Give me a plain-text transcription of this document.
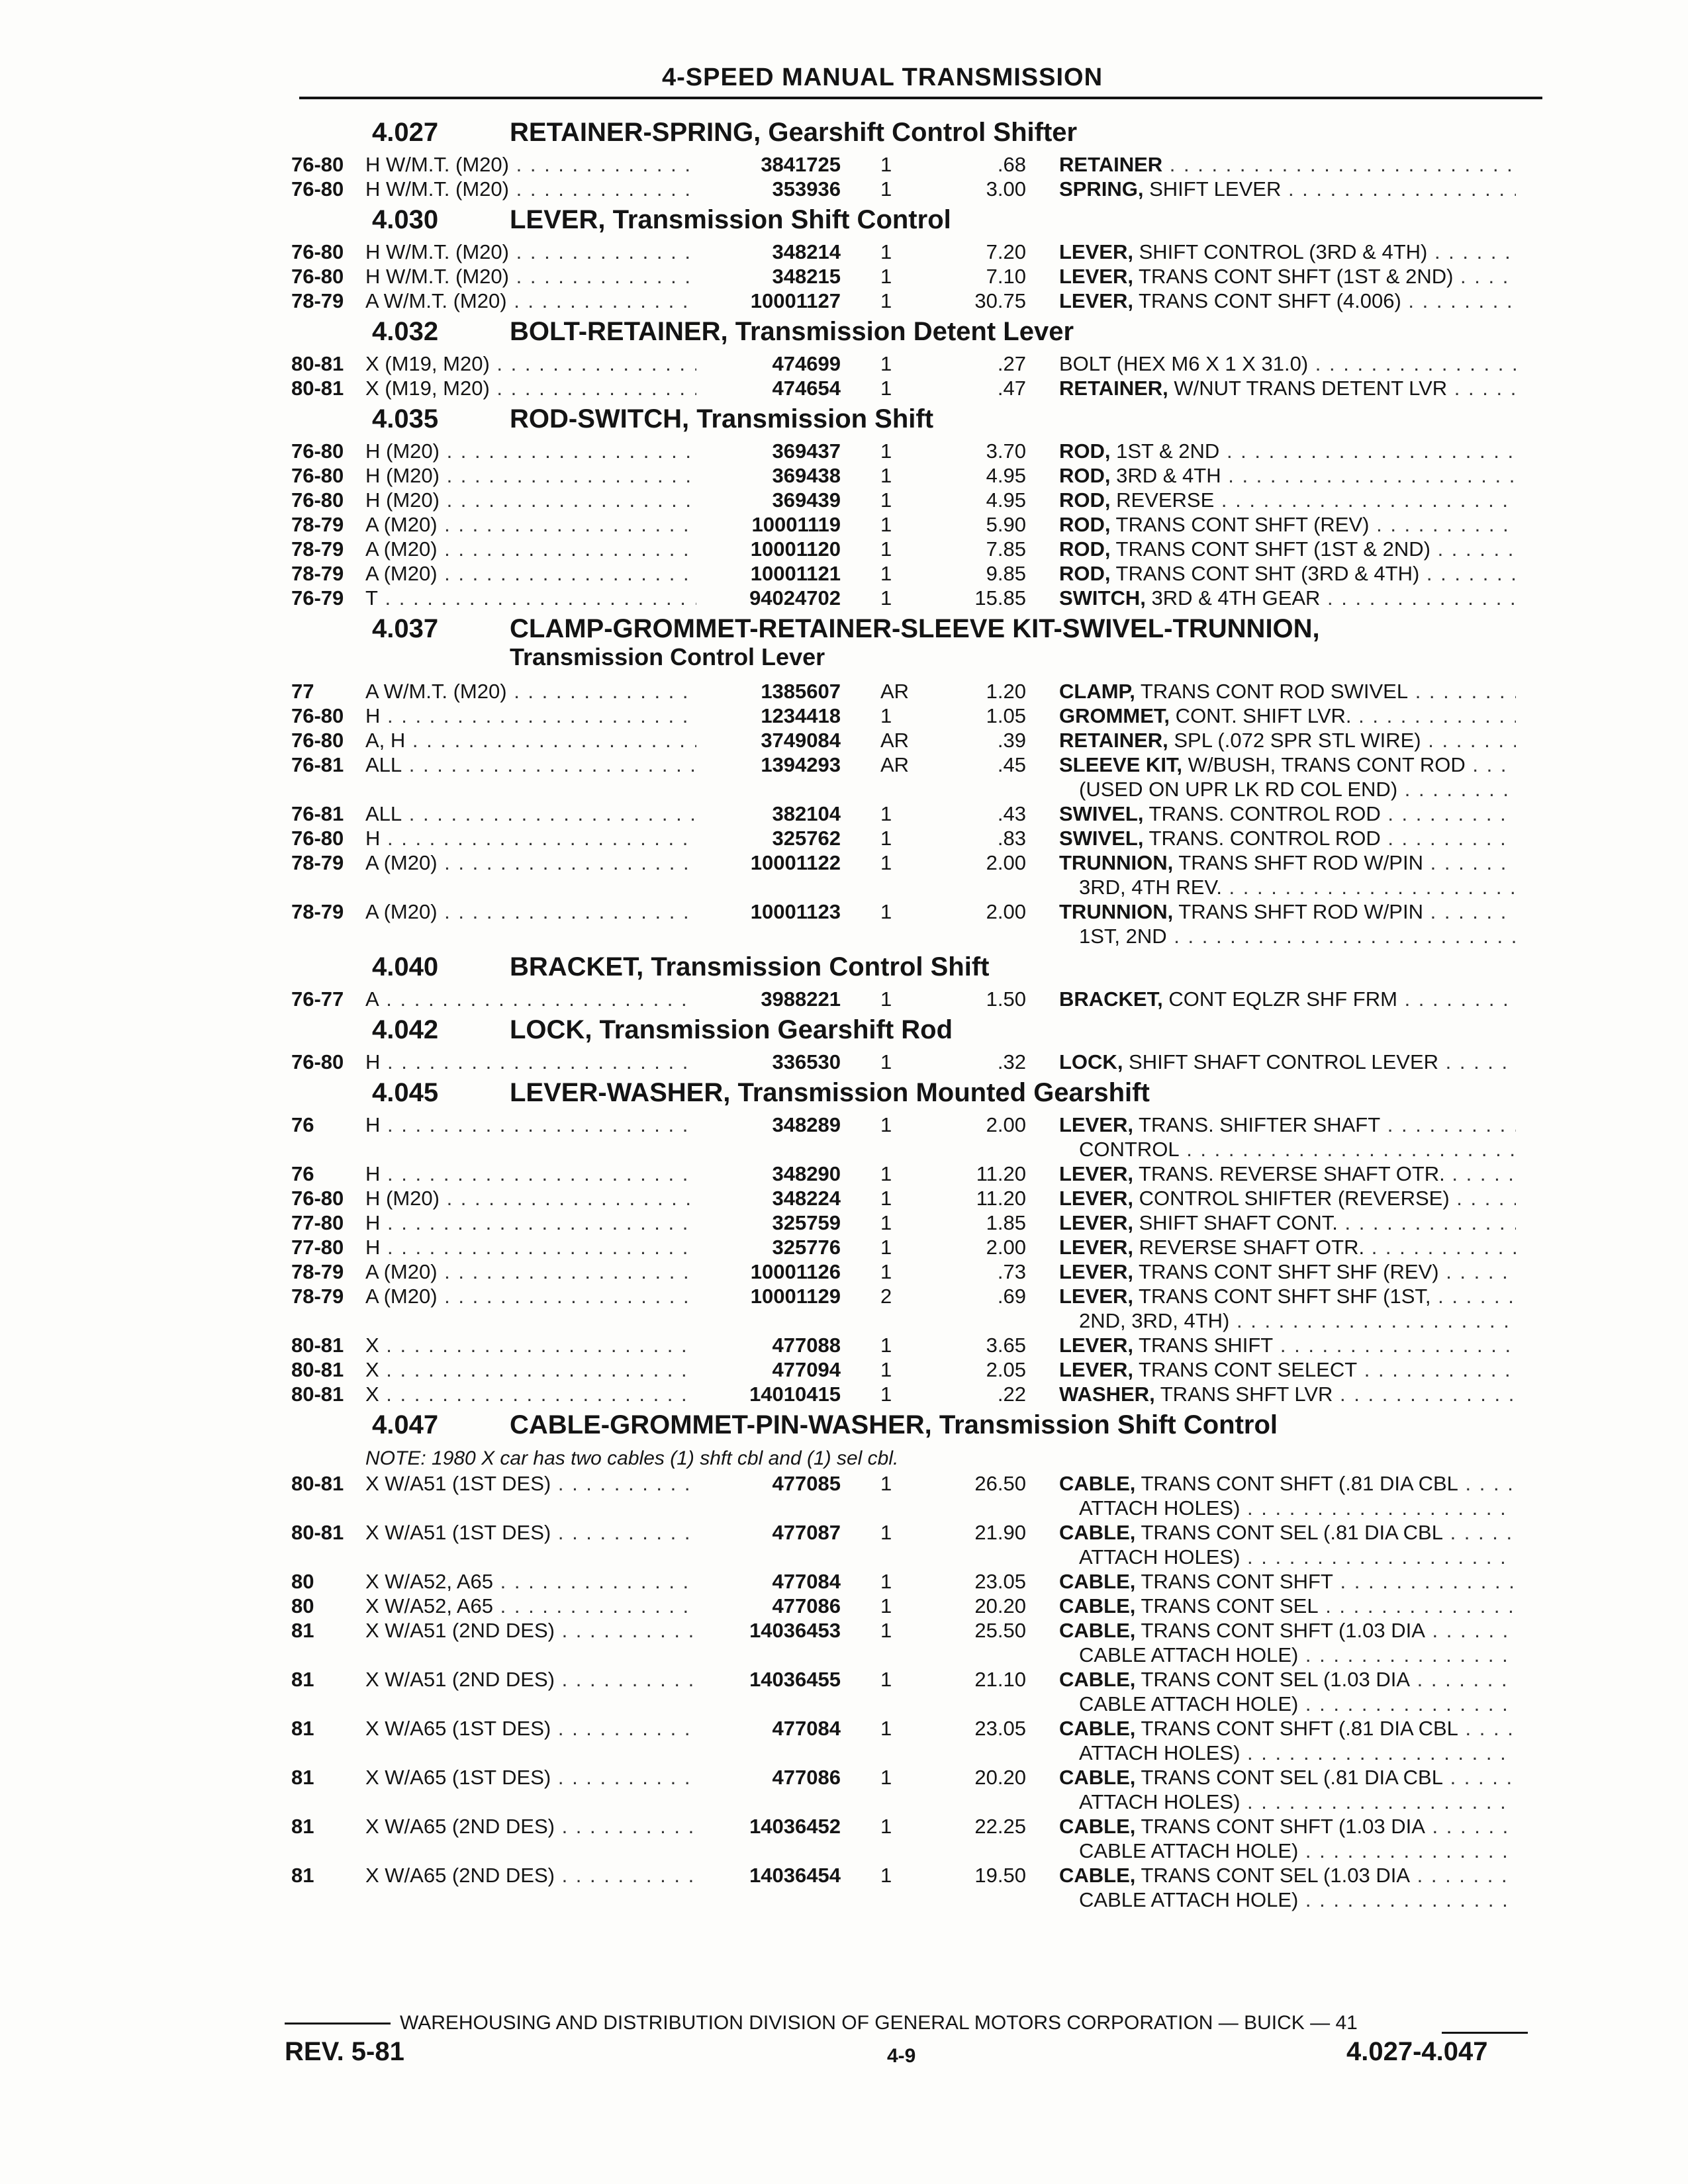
4-SPEED MANUAL TRANSMISSION
4.027	RETAINER-SPRING, Gearshift Control Shifter
76-80 H W/M.T. (M20) . . .	3841725 1	.68 RETAINER . . .
76-80 H W/M.T. (M20) . . .	353936 1	3.00 SPRING, SHIFT LEVER . . .
4.030	LEVER, Transmission Shift Control
76-80 H W/M.T. (M20) . . .	348214 1	7.20 LEVER, SHIFT CONTROL (3RD & 4TH) . . .
76-80 H W/M.T. (M20) . . .	348215 1	7.10 LEVER, TRANS CONT SHFT (1ST & 2ND) . . .
78-79 A W/M.T. (M20) . . .	10001127 1	30.75 LEVER, TRANS CONT SHFT (4.006) . . .
4.032	BOLT-RETAINER, Transmission Detent Lever
80-81 X (M19, M20) . . .	474699 1	.27 BOLT (HEX M6 X 1 X 31.0) . . .
80-81 X (M19, M20) . . .	474654 1	.47 RETAINER, W/NUT TRANS DETENT LVR . . .
4.035	ROD-SWITCH, Transmission Shift
76-80 H (M20) . . .	369437 1	3.70 ROD, 1ST & 2ND . . .
76-80 H (M20) . . .	369438 1	4.95 ROD, 3RD & 4TH . . .
76-80 H (M20) . . .	369439 1	4.95 ROD, REVERSE . . .
78-79 A (M20) . . .	10001119 1	5.90 ROD, TRANS CONT SHFT (REV) . . .
78-79 A (M20) . . .	10001120 1	7.85 ROD, TRANS CONT SHFT (1ST & 2ND) . . .
78-79 A (M20) . . .	10001121 1	9.85 ROD, TRANS CONT SHT (3RD & 4TH) . . .
76-79 T . . .	94024702 1	15.85 SWITCH, 3RD & 4TH GEAR . . .
4.037	CLAMP-GROMMET-RETAINER-SLEEVE KIT-SWIVEL-TRUNNION,
Transmission Control Lever
77	A W/M.T. (M20) . . .	1385607 AR	1.20 CLAMP, TRANS CONT ROD SWIVEL . . .
76-80 H . . .	1234418 1	1.05 GROMMET, CONT. SHIFT LVR. . . .
76-80 A, H . . .	3749084 AR	.39 RETAINER, SPL (.072 SPR STL WIRE) . . .
76-81 ALL . . .	1394293 AR	.45 SLEEVE KIT, W/BUSH, TRANS CONT ROD . . .
(USED ON UPR LK RD COL END) . . .
76-81 ALL . . .	382104 1	.43 SWIVEL, TRANS. CONTROL ROD . . .
76-80 H . . .	325762 1	.83 SWIVEL, TRANS. CONTROL ROD . . .
78-79 A (M20) . . .	10001122 1	2.00 TRUNNION, TRANS SHFT ROD W/PIN . . .
3RD, 4TH REV. . . .
78-79 A (M20) . . .	10001123 1	2.00 TRUNNION, TRANS SHFT ROD W/PIN . . .
1ST, 2ND . . .
4.040	BRACKET, Transmission Control Shift
76-77 A . . .	3988221 1	1.50 BRACKET, CONT EQLZR SHF FRM . . .
4.042	LOCK, Transmission Gearshift Rod
76-80 H . . .	336530 1	.32 LOCK, SHIFT SHAFT CONTROL LEVER . . .
4.045	LEVER-WASHER, Transmission Mounted Gearshift
76	H . . .	348289 1	2.00 LEVER, TRANS. SHIFTER SHAFT . . .
CONTROL . . .
76	H . . .	348290 1	11.20 LEVER, TRANS. REVERSE SHAFT OTR. . . .
76-80 H (M20) . . .	348224 1	11.20 LEVER, CONTROL SHIFTER (REVERSE) . . .
77-80 H . . .	325759 1	1.85 LEVER, SHIFT SHAFT CONT. . . .
77-80 H . . .	325776 1	2.00 LEVER, REVERSE SHAFT OTR. . . .
78-79 A (M20) . . .	10001126 1	.73 LEVER, TRANS CONT SHFT SHF (REV) . . .
78-79 A (M20) . . .	10001129 2	.69 LEVER, TRANS CONT SHFT SHF (1ST, . . .
2ND, 3RD, 4TH) . . .
80-81 X . . .	477088 1	3.65 LEVER, TRANS SHIFT . . .
80-81 X . . .	477094 1	2.05 LEVER, TRANS CONT SELECT . . .
80-81 X . . .	14010415 1	.22 WASHER, TRANS SHFT LVR . . .
4.047	CABLE-GROMMET-PIN-WASHER, Transmission Shift Control
NOTE: 1980 X car has two cables (1) shft cbl and (1) sel cbl.
80-81 X W/A51 (1ST DES) . . .	477085 1	26.50 CABLE, TRANS CONT SHFT (.81 DIA CBL . . .
ATTACH HOLES) . . .
80-81 X W/A51 (1ST DES) . . .	477087 1	21.90 CABLE, TRANS CONT SEL (.81 DIA CBL . . .
ATTACH HOLES) . . .
80	X W/A52, A65 . . .	477084 1	23.05 CABLE, TRANS CONT SHFT . . .
80	X W/A52, A65 . . .	477086 1	20.20 CABLE, TRANS CONT SEL . . .
81	X W/A51 (2ND DES) . . .	14036453 1	25.50 CABLE, TRANS CONT SHFT (1.03 DIA . . .
CABLE ATTACH HOLE) . . .
81	X W/A51 (2ND DES) . . .	14036455 1	21.10 CABLE, TRANS CONT SEL (1.03 DIA . . .
CABLE ATTACH HOLE) . . .
81	X W/A65 (1ST DES) . . .	477084 1	23.05 CABLE, TRANS CONT SHFT (.81 DIA CBL . . .
ATTACH HOLES) . . .
81	X W/A65 (1ST DES) . . .	477086 1	20.20 CABLE, TRANS CONT SEL (.81 DIA CBL . . .
ATTACH HOLES) . . .
81	X W/A65 (2ND DES) . . .	14036452 1	22.25 CABLE, TRANS CONT SHFT (1.03 DIA . . .
CABLE ATTACH HOLE) . . .
81	X W/A65 (2ND DES) . . .	14036454 1	19.50 CABLE, TRANS CONT SEL (1.03 DIA . . .
CABLE ATTACH HOLE) . . .
WAREHOUSING AND DISTRIBUTION DIVISION OF GENERAL MOTORS CORPORATION — BUICK — 41
REV. 5-81	4-9	4.027-4.047
